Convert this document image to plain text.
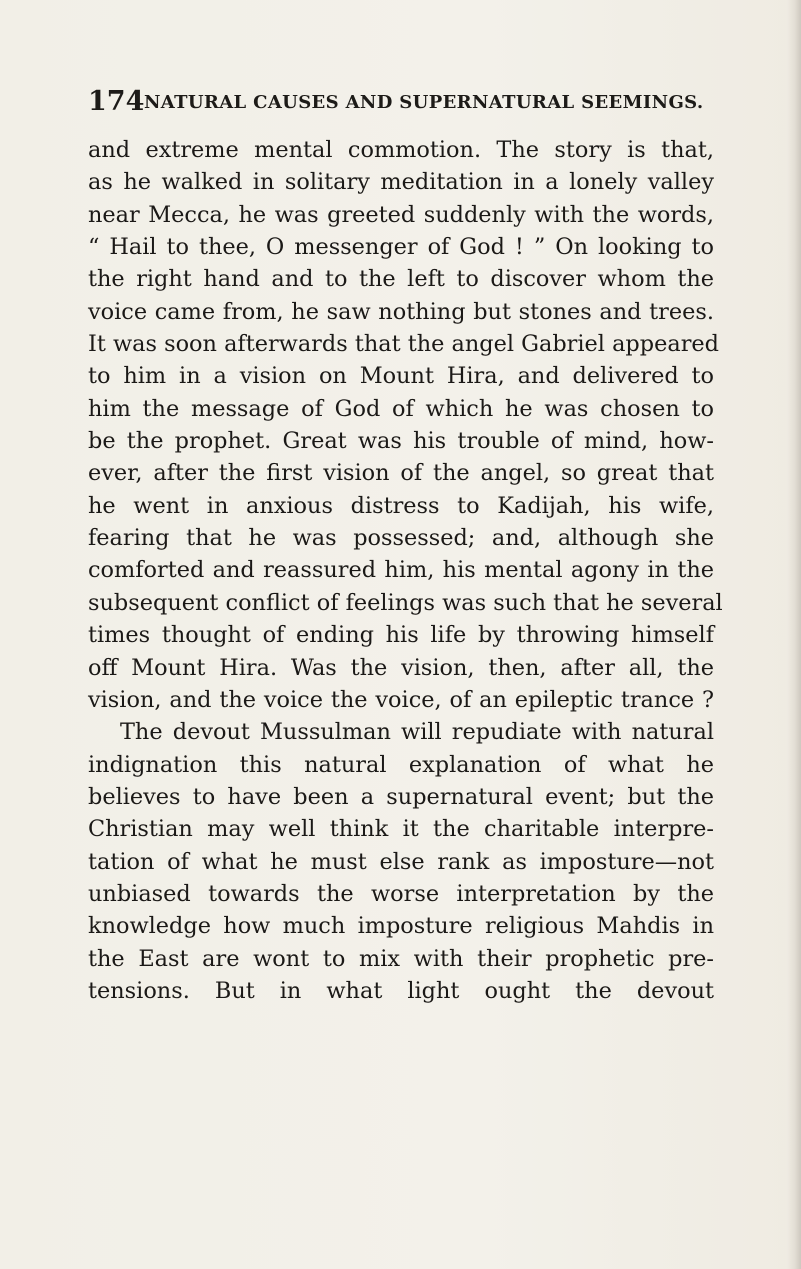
174 NATURAL CAUSES AND SUPERNATURAL SEEMINGS.
and extreme mental commotion. The story is that,
as he walked in solitary meditation in a lonely valley
near Mecca, he was greeted suddenly with the words,
“ Hail to thee, O messenger of God ! ” On looking to
the right hand and to the left to discover whom the
voice came from, he saw nothing but stones and trees.
It was soon afterwards that the angel Gabriel appeared
to him in a vision on Mount Hira, and delivered to
him the message of God of which he was chosen to
be the prophet. Great was his trouble of mind, how-
ever, after the first vision of the angel, so great that
he went in anxious distress to Kadijah, his wife,
fearing that he was possessed; and, although she
comforted and reassured him, his mental agony in the
subsequent conflict of feelings was such that he several
times thought of ending his life by throwing himself
off Mount Hira. Was the vision, then, after all, the
vision, and the voice the voice, of an epileptic trance ?
The devout Mussulman will repudiate with natural
indignation this natural explanation of what he
believes to have been a supernatural event; but the
Christian may well think it the charitable interpre-
tation of what he must else rank as imposture—not
unbiased towards the worse interpretation by the
knowledge how much imposture religious Mahdis in
the East are wont to mix with their prophetic pre-
tensions. But in what light ought the devout
